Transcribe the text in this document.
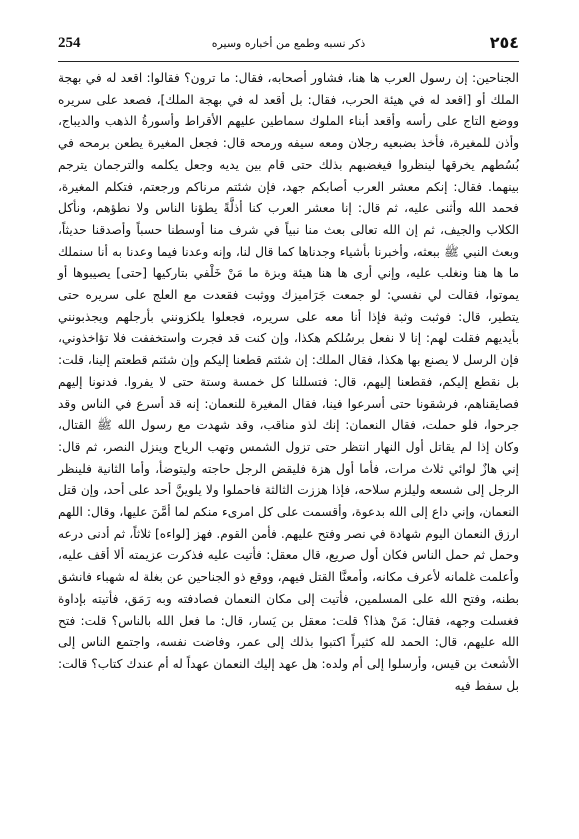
254	ذكر نسبه وطمع من أخباره وسيره	٢٥٤

الجناحين: إن رسول العرب ها هنا، فشاور أصحابه، فقال: ما ترون؟ فقالوا: اقعد له في بهجة الملك أو [اقعد له في هيئة الحرب، فقال: بل أقعد له في بهجة الملك]، فصعد على سريره ووضع التاج على رأسه وأقعد أبناء الملوك سماطين عليهم الأقراط وأسورةُ الذهب والديباج، وأذن للمغيرة، فأخذ بضبعيه رجلان ومعه سيفه ورمحه قال: فجعل المغيرة يطعن برمحه في بُسُطهم يخرقها لينظروا فيغضبهم بذلك حتى قام بين يديه وجعل يكلمه والترجمان يترجم بينهما. فقال: إنكم معشر العرب أصابكم جهد، فإن شئتم مرناكم ورجعتم، فتكلم المغيرة، فحمد الله وأثنى عليه، ثم قال: إنا معشر العرب كنا أذلَّةً يطؤنا الناس ولا نطؤهم، ونأكل الكلاب والجيف، ثم إن الله تعالى بعث منا نبياً في شرف منا أوسطنا حسباً وأصدقنا حديثاً، وبعث النبي ﷺ ببعثه، وأخبرنا بأشياء وجدناها كما قال لنا، وإنه وعدنا فيما وعدنا به أنا سنملك ما ها هنا ونغلب عليه، وإني أرى ها هنا هيئة وبزة ما مَنْ خَلْفي بتاركيها [حتى] يصيبوها أو يموتوا، فقالت لي نفسي: لو جمعت جَرَاميزك ووثبت فقعدت مع العلج على سريره حتى يتطير، قال: فوثبت وثبة فإذا أنا معه على سريره، فجعلوا يلكزونني بأرجلهم ويجذبونني بأيديهم فقلت لهم: إنا لا نفعل برسُلكم هكذا، وإن كنت قد فجرت واستخففت فلا تؤاخذوني، فإن الرسل لا يصنع بها هكذا، فقال الملك: إن شئتم قطعنا إليكم وإن شئتم قطعتم إلينا، قلت: بل نقطع إليكم، فقطعنا إليهم، قال: فتسللنا كل خمسة وستة حتى لا يفروا. فدنونا إليهم فصايقناهم، فرشقونا حتى أسرعوا فينا، فقال المغيرة للنعمان: إنه قد أسرع في الناس وقد جرحوا، فلو حملت، فقال النعمان: إنك لذو مناقب، وقد شهدت مع رسول الله ﷺ القتال، وكان إذا لم يقاتل أول النهار انتظر حتى تزول الشمس وتهب الرياح وينزل النصر، ثم قال: إني هازٌ لوائي ثلاث مرات، فأما أول هزة فليقض الرجل حاجته وليتوضأ، وأما الثانية فلينظر الرجل إلى شسعه وليلزم سلاحه، فإذا هززت الثالثة فاحملوا ولا يلوينَّ أحد على أحد، وإن قتل النعمان، وإني داع إلى الله بدعوة، وأقسمت على كل امرىء منكم لما أمَّنَ عليها، وقال: اللهم ارزق النعمان اليوم شهادة في نصر وفتح عليهم. فأمن القوم. فهز [لواءه] ثلاثاً، ثم أدنى درعه وحمل ثم حمل الناس فكان أول صريع، قال معقل: فأتيت عليه فذكرت عزيمته ألا أقف عليه، وأعلمت غلمانه لأعرف مكانه، وأمعنَّا القتل فيهم، ووقع ذو الجناحين عن بغلة له شهباء فانشق بطنه، وفتح الله على المسلمين، فأتيت إلى مكان النعمان فصادفته وبه رَمَق، فأتيته بإداوة فغسلت وجهه، فقال: مَنْ هذا؟ قلت: معقل بن يَسار، قال: ما فعل الله بالناس؟ قلت: فتح الله عليهم، قال: الحمد لله كثيراً اكتبوا بذلك إلى عمر، وفاضت نفسه، واجتمع الناس إلى الأشعث بن قيس، وأرسلوا إلى أم ولده: هل عهد إليك النعمان عهداً له أم عندك كتاب؟ قالت: بل سفط فيه
